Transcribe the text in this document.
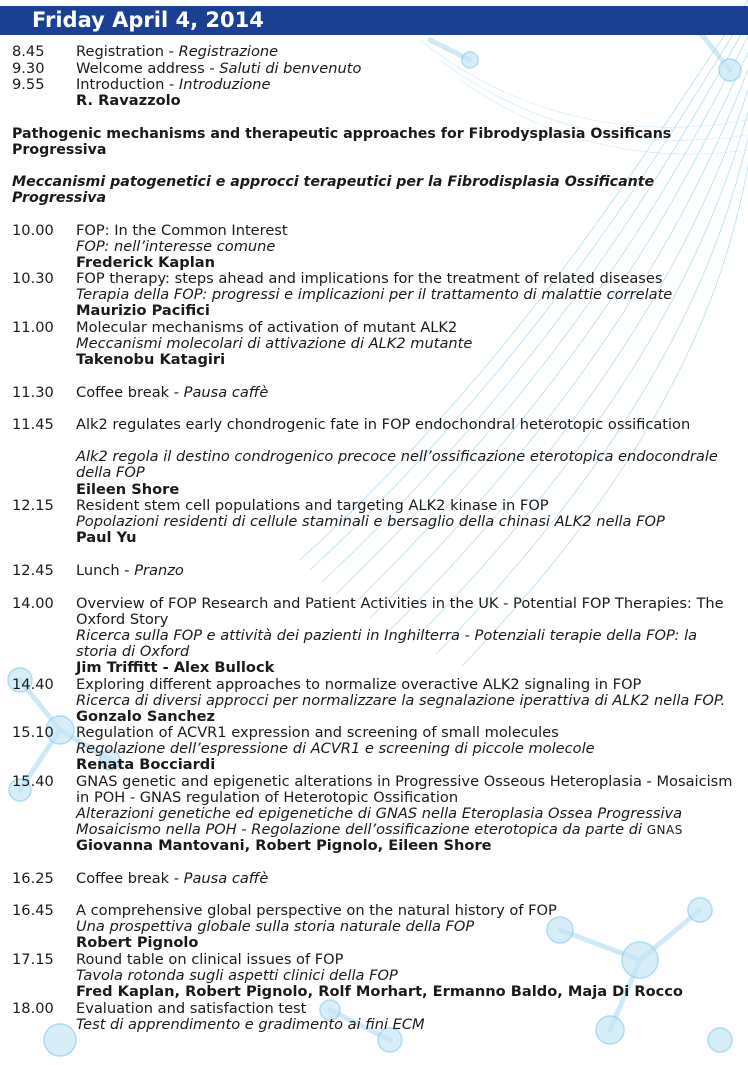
Friday April 4, 2014
8.45 Registration - Registrazione
9.30 Welcome address - Saluti di benvenuto
9.55 Introduction - Introduzione
R. Ravazzolo
Pathogenic mechanisms and therapeutic approaches for Fibrodysplasia Ossificans Progressiva
Meccanismi patogenetici e approcci terapeutici per la Fibrodisplasia Ossificante Progressiva
10.00 FOP: In the Common Interest
FOP: nell’interesse comune
Frederick Kaplan
10.30 FOP therapy: steps ahead and implications for the treatment of related diseases
Terapia della FOP: progressi e implicazioni per il trattamento di malattie correlate
Maurizio Pacifici
11.00 Molecular mechanisms of activation of mutant ALK2
Meccanismi molecolari di attivazione di ALK2 mutante
Takenobu Katagiri
11.30 Coffee break - Pausa caffè
11.45 Alk2 regulates early chondrogenic fate in FOP endochondral heterotopic ossification
Alk2 regola il destino condrogenico precoce nell’ossificazione eterotopica endocondrale della FOP
Eileen Shore
12.15 Resident stem cell populations and targeting ALK2 kinase in FOP
Popolazioni residenti di cellule staminali e bersaglio della chinasi ALK2 nella FOP
Paul Yu
12.45 Lunch - Pranzo
14.00 Overview of FOP Research and Patient Activities in the UK - Potential FOP Therapies: The Oxford Story
Ricerca sulla FOP e attività dei pazienti in Inghilterra - Potenziali terapie della FOP: la storia di Oxford
Jim Triffitt - Alex Bullock
14.40 Exploring different approaches to normalize overactive ALK2 signaling in FOP
Ricerca di diversi approcci per normalizzare la segnalazione iperattiva di ALK2 nella FOP. Gonzalo Sanchez
15.10 Regulation of ACVR1 expression and screening of small molecules
Regolazione dell’espressione di ACVR1 e screening di piccole molecole
Renata Bocciardi
15.40 GNAS genetic and epigenetic alterations in Progressive Osseous Heteroplasia - Mosaicism in POH - GNAS regulation of Heterotopic Ossification
Alterazioni genetiche ed epigenetiche di GNAS nella Eteroplasia Ossea Progressiva
Mosaicismo nella POH - Regolazione dell’ossificazione eterotopica da parte di GNAS
Giovanna Mantovani, Robert Pignolo, Eileen Shore
16.25 Coffee break - Pausa caffè
16.45 A comprehensive global perspective on the natural history of FOP
Una prospettiva globale sulla storia naturale della FOP
Robert Pignolo
17.15 Round table on clinical issues of FOP
Tavola rotonda sugli aspetti clinici della FOP
Fred Kaplan, Robert Pignolo, Rolf Morhart, Ermanno Baldo, Maja Di Rocco
18.00 Evaluation and satisfaction test
Test di apprendimento e gradimento ai fini ECM
